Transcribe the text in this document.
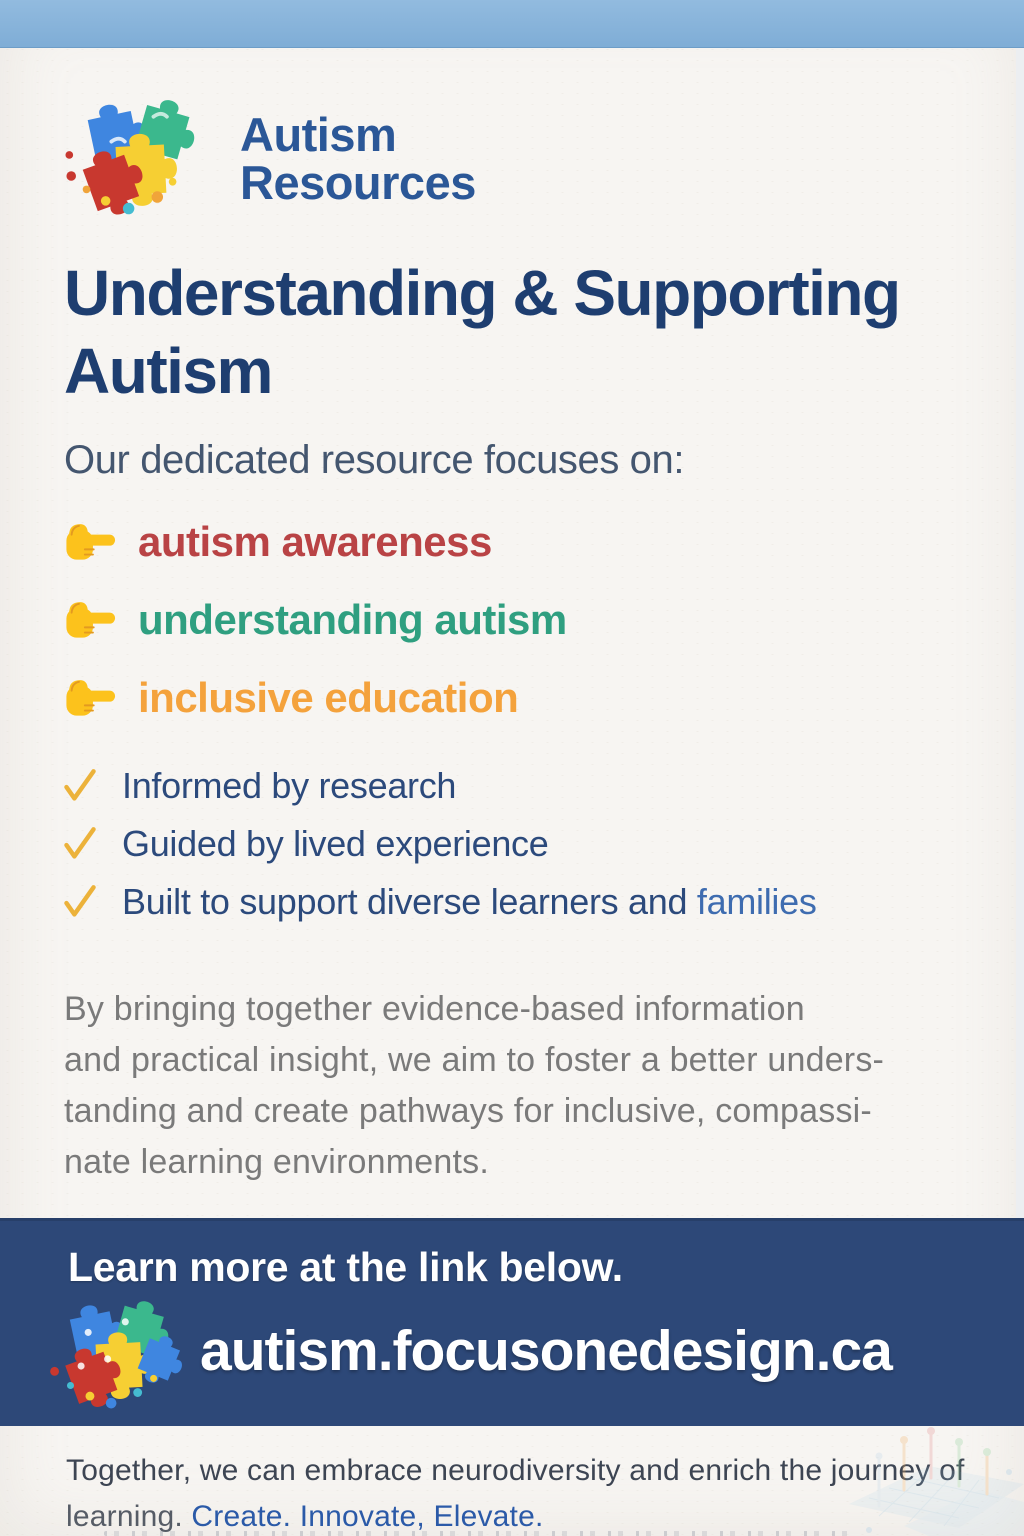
Autism
Resources
Understanding & Supporting Autism
Our dedicated resource focuses on:
autism awareness
understanding autism
inclusive education
Informed by research
Guided by lived experience
Built to support diverse learners and families
By bringing together evidence-based information
and practical insight, we aim to foster a better unders-
tanding and create pathways for inclusive, compassi-
nate learning environments.
Learn more at the link below.
autism.focusonedesign.ca
Together, we can embrace neurodiversity and enrich the journey of
learning. Create. Innovate, Elevate.
